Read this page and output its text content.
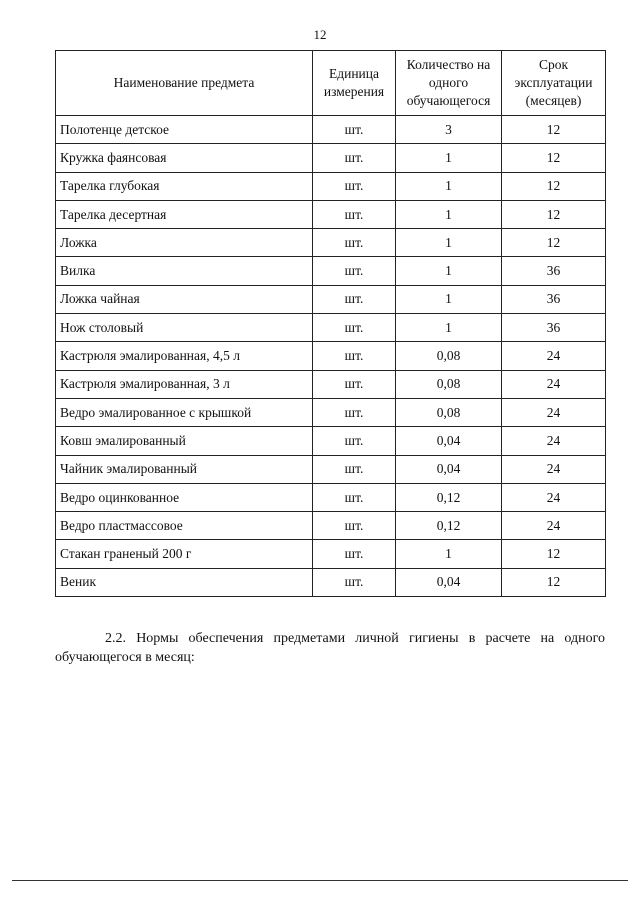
12
Наименование предмета	Единица измерения	Количество на одного обучающегося	Срок эксплуатации (месяцев)
Полотенце детское	шт.	3	12
Кружка фаянсовая	шт.	1	12
Тарелка глубокая	шт.	1	12
Тарелка десертная	шт.	1	12
Ложка	шт.	1	12
Вилка	шт.	1	36
Ложка чайная	шт.	1	36
Нож столовый	шт.	1	36
Кастрюля эмалированная, 4,5 л	шт.	0,08	24
Кастрюля эмалированная, 3 л	шт.	0,08	24
Ведро эмалированное с крышкой	шт.	0,08	24
Ковш эмалированный	шт.	0,04	24
Чайник эмалированный	шт.	0,04	24
Ведро оцинкованное	шт.	0,12	24
Ведро пластмассовое	шт.	0,12	24
Стакан граненый 200 г	шт.	1	12
Веник	шт.	0,04	12

2.2. Нормы обеспечения предметами личной гигиены в расчете на одного обучающегося в месяц:
